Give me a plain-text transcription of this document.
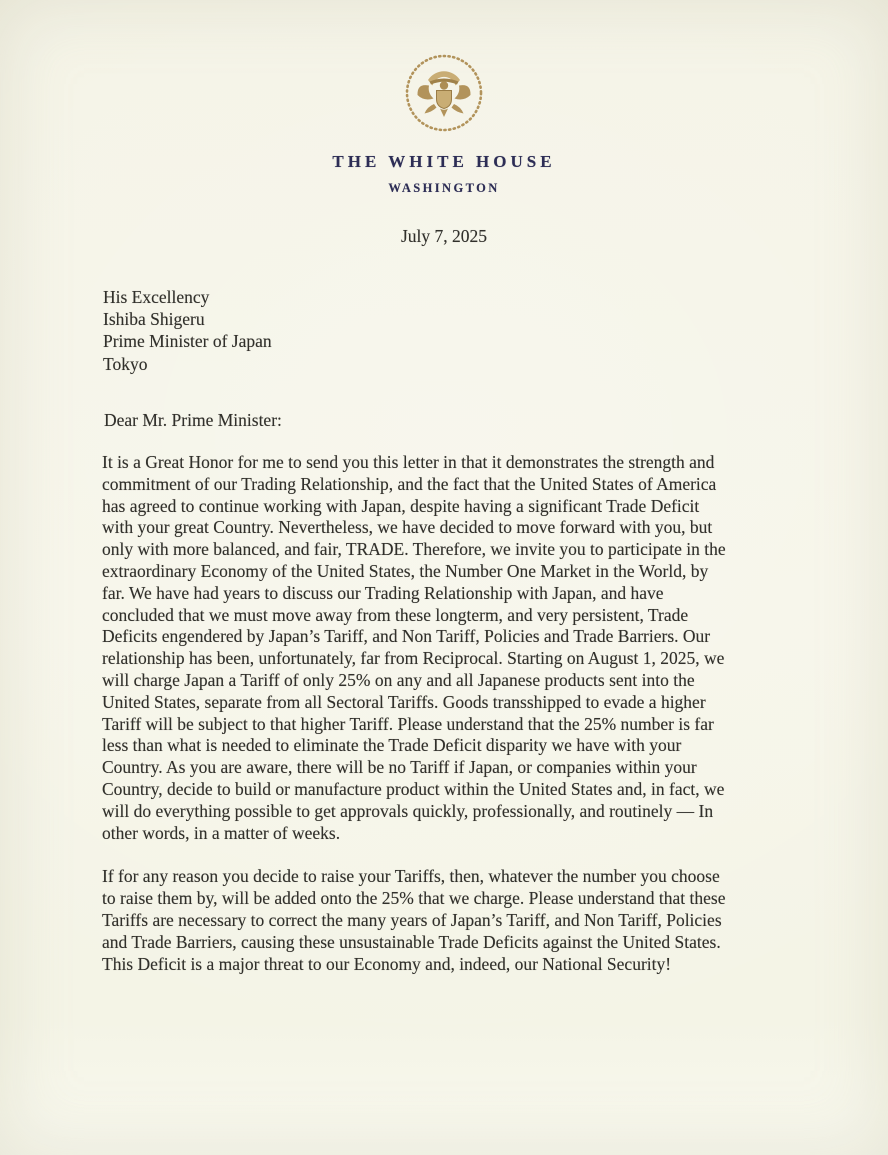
THE WHITE HOUSE
WASHINGTON
July 7, 2025
His Excellency
Ishiba Shigeru
Prime Minister of Japan
Tokyo
Dear Mr. Prime Minister:
It is a Great Honor for me to send you this letter in that it demonstrates the strength and
commitment of our Trading Relationship, and the fact that the United States of America
has agreed to continue working with Japan, despite having a significant Trade Deficit
with your great Country. Nevertheless, we have decided to move forward with you, but
only with more balanced, and fair, TRADE. Therefore, we invite you to participate in the
extraordinary Economy of the United States, the Number One Market in the World, by
far. We have had years to discuss our Trading Relationship with Japan, and have
concluded that we must move away from these longterm, and very persistent, Trade
Deficits engendered by Japan’s Tariff, and Non Tariff, Policies and Trade Barriers. Our
relationship has been, unfortunately, far from Reciprocal. Starting on August 1, 2025, we
will charge Japan a Tariff of only 25% on any and all Japanese products sent into the
United States, separate from all Sectoral Tariffs. Goods transshipped to evade a higher
Tariff will be subject to that higher Tariff. Please understand that the 25% number is far
less than what is needed to eliminate the Trade Deficit disparity we have with your
Country. As you are aware, there will be no Tariff if Japan, or companies within your
Country, decide to build or manufacture product within the United States and, in fact, we
will do everything possible to get approvals quickly, professionally, and routinely — In
other words, in a matter of weeks.
If for any reason you decide to raise your Tariffs, then, whatever the number you choose
to raise them by, will be added onto the 25% that we charge. Please understand that these
Tariffs are necessary to correct the many years of Japan’s Tariff, and Non Tariff, Policies
and Trade Barriers, causing these unsustainable Trade Deficits against the United States.
This Deficit is a major threat to our Economy and, indeed, our National Security!
